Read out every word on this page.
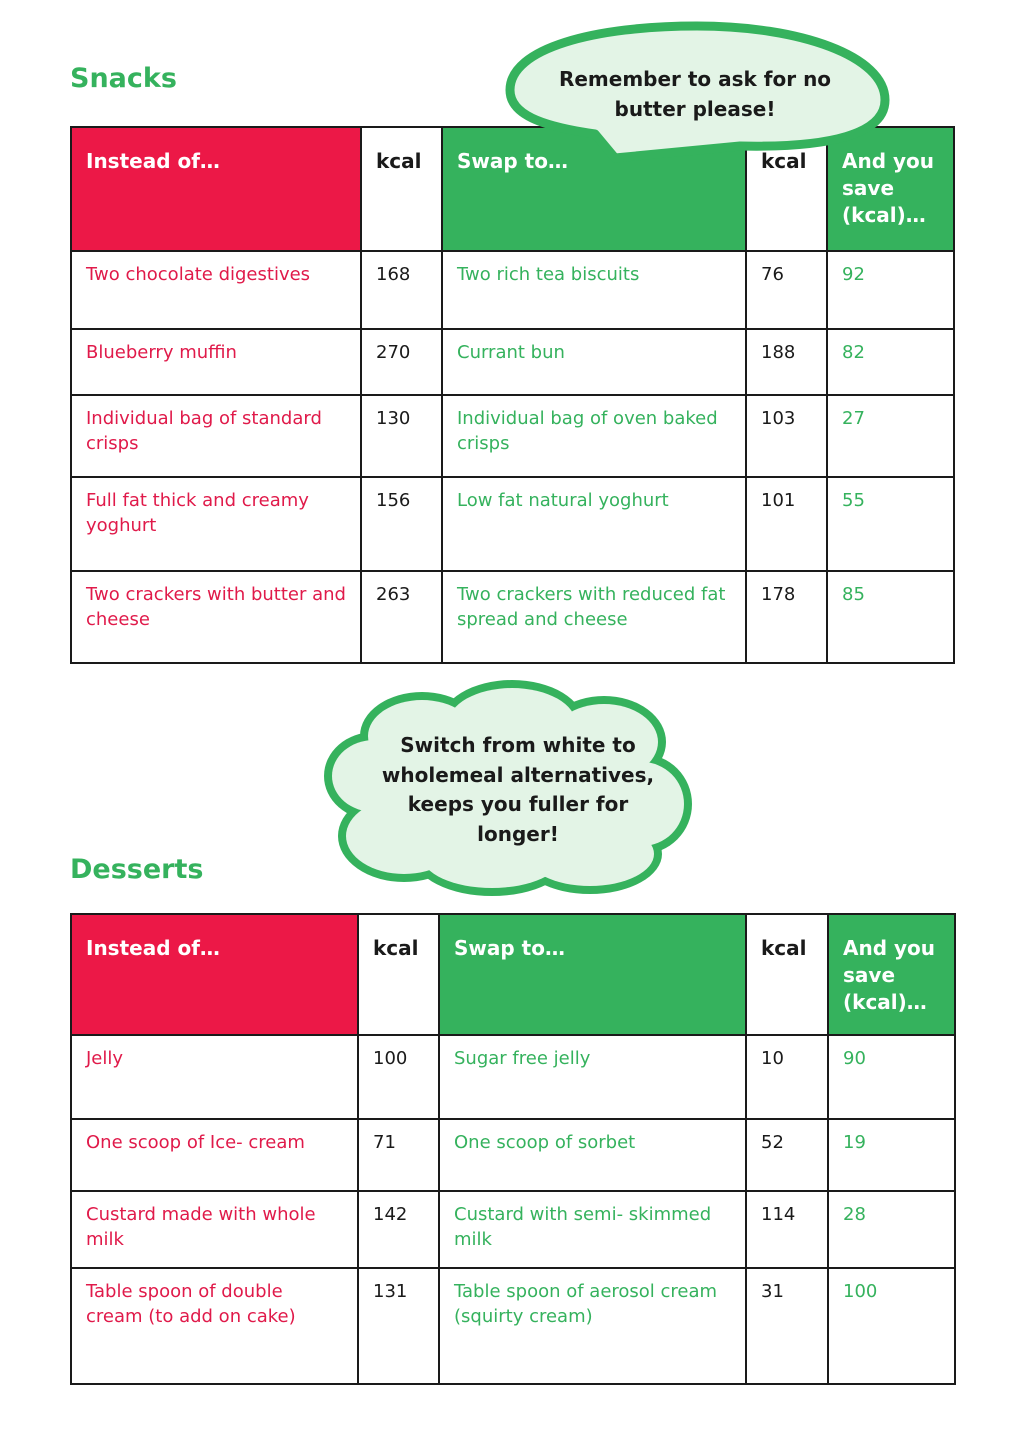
Snacks
Instead of…	kcal	Swap to…	kcal	And you save (kcal)…
Two chocolate digestives	168	Two rich tea biscuits	76	92
Blueberry muffin	270	Currant bun	188	82
Individual bag of standard crisps	130	Individual bag of oven baked crisps	103	27
Full fat thick and creamy yoghurt	156	Low fat natural yoghurt	101	55
Two crackers with butter and cheese	263	Two crackers with reduced fat spread and cheese	178	85

Remember to ask for no butter please!

Switch from white to wholemeal alternatives, keeps you fuller for longer!

Desserts
Instead of…	kcal	Swap to…	kcal	And you save (kcal)…
Jelly	100	Sugar free jelly	10	90
One scoop of Ice- cream	71	One scoop of sorbet	52	19
Custard made with whole milk	142	Custard with semi- skimmed milk	114	28
Table spoon of double cream (to add on cake)	131	Table spoon of aerosol cream (squirty cream)	31	100
